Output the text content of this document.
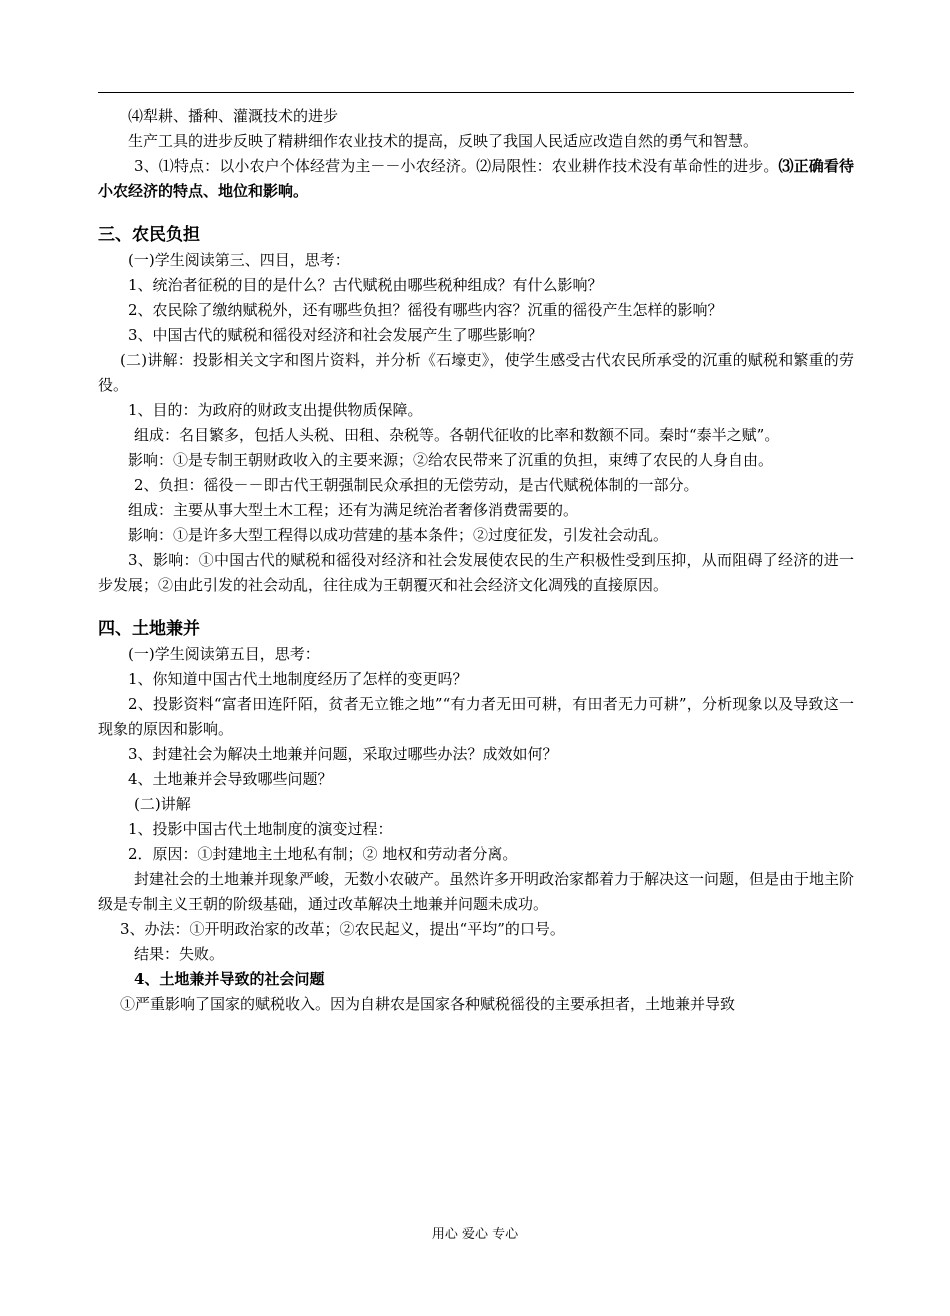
⑷犁耕、播种、灌溉技术的进步

生产工具的进步反映了精耕细作农业技术的提高，反映了我国人民适应改造自然的勇气和智慧。

3、⑴特点：以小农户个体经营为主－－小农经济。⑵局限性：农业耕作技术没有革命性的进步。⑶正确看待小农经济的特点、地位和影响。

三、农民负担

(一)学生阅读第三、四目，思考：

1、统治者征税的目的是什么？古代赋税由哪些税种组成？有什么影响？

2、农民除了缴纳赋税外，还有哪些负担？徭役有哪些内容？沉重的徭役产生怎样的影响？

3、中国古代的赋税和徭役对经济和社会发展产生了哪些影响？

(二)讲解：投影相关文字和图片资料，并分析《石壕吏》，使学生感受古代农民所承受的沉重的赋税和繁重的劳役。

1、目的：为政府的财政支出提供物质保障。

组成：名目繁多，包括人头税、田租、杂税等。各朝代征收的比率和数额不同。秦时“泰半之赋”。

影响：①是专制王朝财政收入的主要来源；②给农民带来了沉重的负担，束缚了农民的人身自由。

2、负担：徭役－－即古代王朝强制民众承担的无偿劳动，是古代赋税体制的一部分。

组成：主要从事大型土木工程；还有为满足统治者奢侈消费需要的。

影响：①是许多大型工程得以成功营建的基本条件；②过度征发，引发社会动乱。

3、影响：①中国古代的赋税和徭役对经济和社会发展使农民的生产积极性受到压抑，从而阻碍了经济的进一步发展；②由此引发的社会动乱，往往成为王朝覆灭和社会经济文化凋残的直接原因。

四、土地兼并

(一)学生阅读第五目，思考：

1、你知道中国古代土地制度经历了怎样的变更吗？

2、投影资料“富者田连阡陌，贫者无立锥之地”“有力者无田可耕，有田者无力可耕”，分析现象以及导致这一现象的原因和影响。

3、封建社会为解决土地兼并问题，采取过哪些办法？成效如何？

4、土地兼并会导致哪些问题？

(二)讲解

1、投影中国古代土地制度的演变过程：

2．原因：①封建地主土地私有制；② 地权和劳动者分离。

封建社会的土地兼并现象严峻，无数小农破产。虽然许多开明政治家都着力于解决这一问题，但是由于地主阶级是专制主义王朝的阶级基础，通过改革解决土地兼并问题未成功。

3、办法：①开明政治家的改革；②农民起义，提出“平均”的口号。

结果：失败。

4、土地兼并导致的社会问题

①严重影响了国家的赋税收入。因为自耕农是国家各种赋税徭役的主要承担者，土地兼并导致

用心 爱心 专心
